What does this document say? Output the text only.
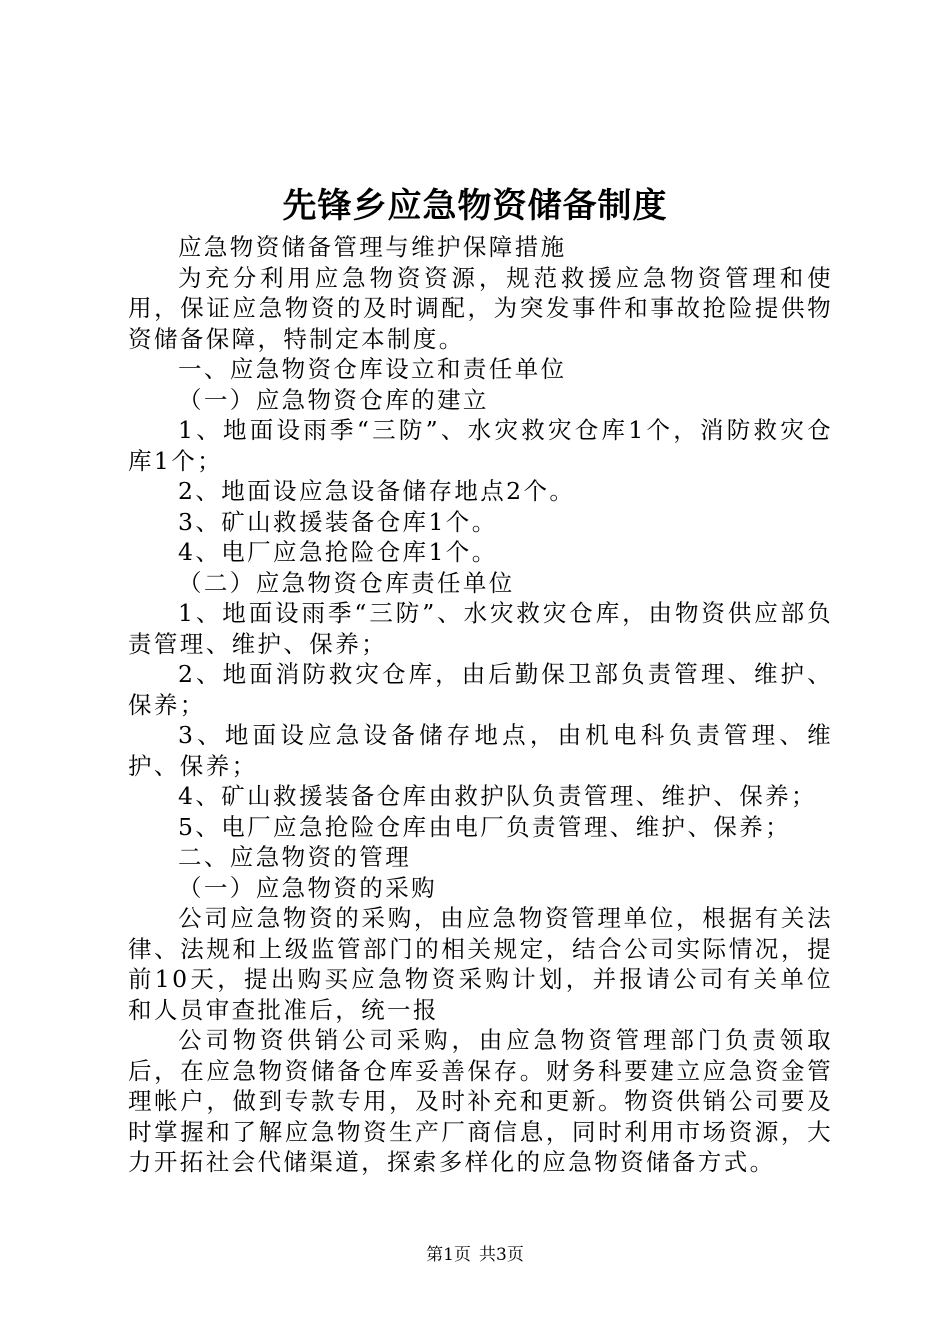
先锋乡应急物资储备制度

应急物资储备管理与维护保障措施

为充分利用应急物资资源，规范救援应急物资管理和使用，保证应急物资的及时调配，为突发事件和事故抢险提供物资储备保障，特制定本制度。

一、应急物资仓库设立和责任单位

（一）应急物资仓库的建立

1、地面设雨季“三防”、水灾救灾仓库1个，消防救灾仓库1个；

2、地面设应急设备储存地点2个。

3、矿山救援装备仓库1个。

4、电厂应急抢险仓库1个。

（二）应急物资仓库责任单位

1、地面设雨季“三防”、水灾救灾仓库，由物资供应部负责管理、维护、保养；

2、地面消防救灾仓库，由后勤保卫部负责管理、维护、保养；

3、地面设应急设备储存地点，由机电科负责管理、维护、保养；

4、矿山救援装备仓库由救护队负责管理、维护、保养；

5、电厂应急抢险仓库由电厂负责管理、维护、保养；

二、应急物资的管理

（一）应急物资的采购

公司应急物资的采购，由应急物资管理单位，根据有关法律、法规和上级监管部门的相关规定，结合公司实际情况，提前10天，提出购买应急物资采购计划，并报请公司有关单位和人员审查批准后，统一报

公司物资供销公司采购，由应急物资管理部门负责领取后，在应急物资储备仓库妥善保存。财务科要建立应急资金管理帐户，做到专款专用，及时补充和更新。物资供销公司要及时掌握和了解应急物资生产厂商信息，同时利用市场资源，大力开拓社会代储渠道，探索多样化的应急物资储备方式。

第1页 共3页
